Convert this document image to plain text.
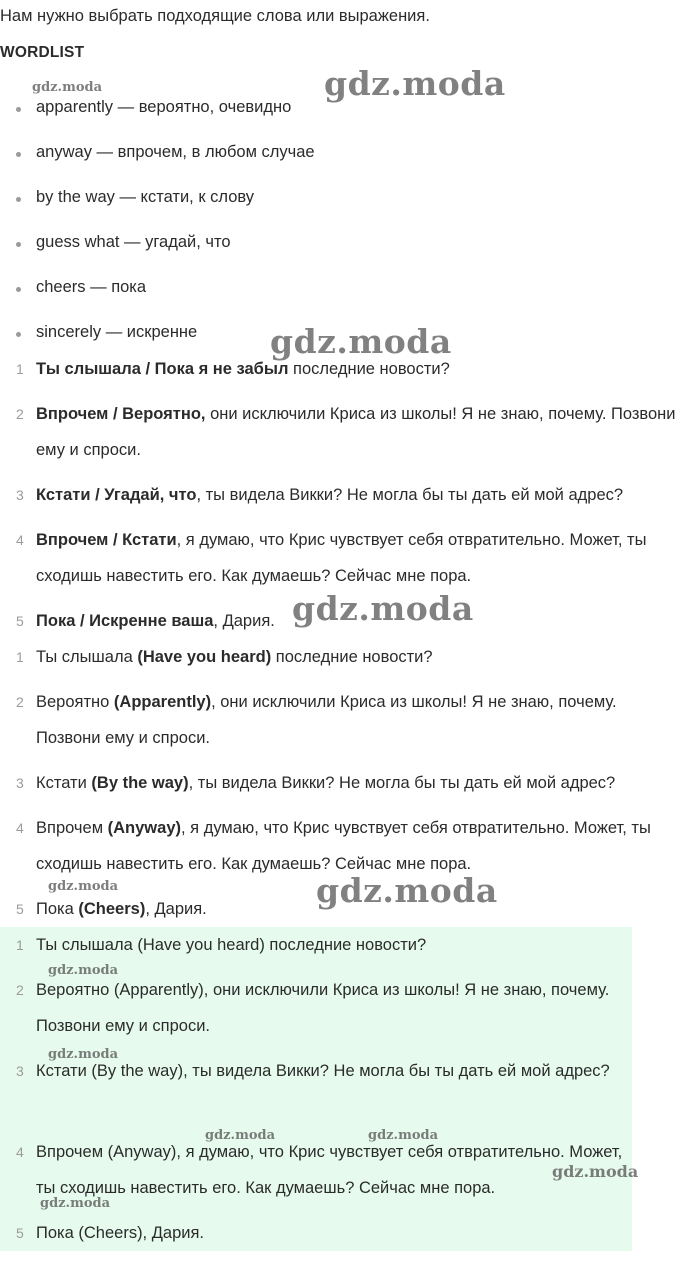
Нам нужно выбрать подходящие слова или выражения.
WORDLIST
apparently — вероятно, очевидно
anyway — впрочем, в любом случае
by the way — кстати, к слову
guess what — угадай, что
cheers — пока
sincerely — искренне
1 Ты слышала / Пока я не забыл последние новости?
2 Впрочем / Вероятно, они исключили Криса из школы! Я не знаю, почему. Позвони ему и спроси.
3 Кстати / Угадай, что, ты видела Викки? Не могла бы ты дать ей мой адрес?
4 Впрочем / Кстати, я думаю, что Крис чувствует себя отвратительно. Может, ты сходишь навестить его. Как думаешь? Сейчас мне пора.
5 Пока / Искренне ваша, Дария.
1 Ты слышала (Have you heard) последние новости?
2 Вероятно (Apparently), они исключили Криса из школы! Я не знаю, почему. Позвони ему и спроси.
3 Кстати (By the way), ты видела Викки? Не могла бы ты дать ей мой адрес?
4 Впрочем (Anyway), я думаю, что Крис чувствует себя отвратительно. Может, ты сходишь навестить его. Как думаешь? Сейчас мне пора.
5 Пока (Cheers), Дария.
1 Ты слышала (Have you heard) последние новости?
2 Вероятно (Apparently), они исключили Криса из школы! Я не знаю, почему. Позвони ему и спроси.
3 Кстати (By the way), ты видела Викки? Не могла бы ты дать ей мой адрес?
4 Впрочем (Anyway), я думаю, что Крис чувствует себя отвратительно. Может, ты сходишь навестить его. Как думаешь? Сейчас мне пора.
5 Пока (Cheers), Дария.
gdz.moda	gdz.moda
gdz.moda
gdz.moda
gdz.moda	gdz.moda
gdz.moda
gdz.moda
gdz.moda	gdz.moda
gdz.moda
gdz.moda
